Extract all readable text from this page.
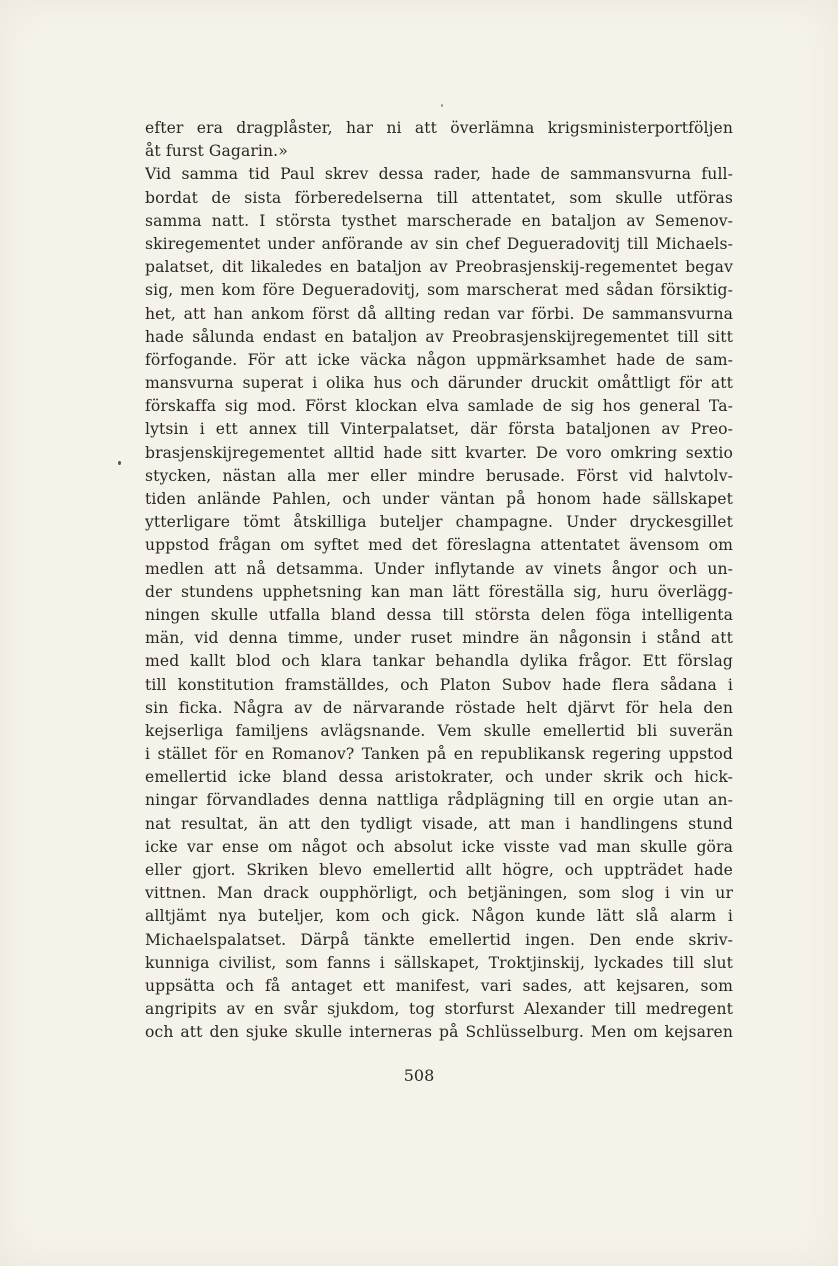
efter era dragplåster, har ni att överlämna krigsministerportföljen
åt furst Gagarin.»
Vid samma tid Paul skrev dessa rader, hade de sammansvurna full-
bordat de sista förberedelserna till attentatet, som skulle utföras
samma natt. I största tysthet marscherade en bataljon av Semenov-
skiregementet under anförande av sin chef Degueradovitj till Michaels-
palatset, dit likaledes en bataljon av Preobrasjenskij-regementet begav
sig, men kom före Degueradovitj, som marscherat med sådan försiktig-
het, att han ankom först då allting redan var förbi. De sammansvurna
hade sålunda endast en bataljon av Preobrasjenskijregementet till sitt
förfogande. För att icke väcka någon uppmärksamhet hade de sam-
mansvurna superat i olika hus och därunder druckit omåttligt för att
förskaffa sig mod. Först klockan elva samlade de sig hos general Ta-
lytsin i ett annex till Vinterpalatset, där första bataljonen av Preo-
brasjenskijregementet alltid hade sitt kvarter. De voro omkring sextio
stycken, nästan alla mer eller mindre berusade. Först vid halvtolv-
tiden anlände Pahlen, och under väntan på honom hade sällskapet
ytterligare tömt åtskilliga buteljer champagne. Under dryckesgillet
uppstod frågan om syftet med det föreslagna attentatet ävensom om
medlen att nå detsamma. Under inflytande av vinets ångor och un-
der stundens upphetsning kan man lätt föreställa sig, huru överlägg-
ningen skulle utfalla bland dessa till största delen föga intelligenta
män, vid denna timme, under ruset mindre än någonsin i stånd att
med kallt blod och klara tankar behandla dylika frågor. Ett förslag
till konstitution framställdes, och Platon Subov hade flera sådana i
sin ficka. Några av de närvarande röstade helt djärvt för hela den
kejserliga familjens avlägsnande. Vem skulle emellertid bli suverän
i stället för en Romanov? Tanken på en republikansk regering uppstod
emellertid icke bland dessa aristokrater, och under skrik och hick-
ningar förvandlades denna nattliga rådplägning till en orgie utan an-
nat resultat, än att den tydligt visade, att man i handlingens stund
icke var ense om något och absolut icke visste vad man skulle göra
eller gjort. Skriken blevo emellertid allt högre, och uppträdet hade
vittnen. Man drack oupphörligt, och betjäningen, som slog i vin ur
alltjämt nya buteljer, kom och gick. Någon kunde lätt slå alarm i
Michaelspalatset. Därpå tänkte emellertid ingen. Den ende skriv-
kunniga civilist, som fanns i sällskapet, Troktjinskij, lyckades till slut
uppsätta och få antaget ett manifest, vari sades, att kejsaren, som
angripits av en svår sjukdom, tog storfurst Alexander till medregent
och att den sjuke skulle interneras på Schlüsselburg. Men om kejsaren
508
